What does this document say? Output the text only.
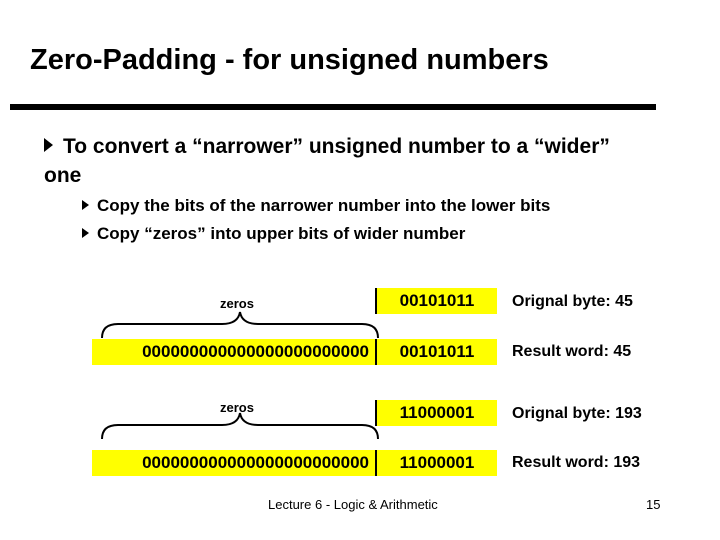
Zero-Padding - for unsigned numbers
To convert a “narrower” unsigned number to a “wider” one
Copy the bits of the narrower number into the lower bits
Copy “zeros” into upper bits of wider number
zeros	00101011	Orignal byte: 45
000000000000000000000000	00101011	Result word: 45
zeros	11000001	Orignal byte: 193
000000000000000000000000	11000001	Result word: 193
Lecture 6 - Logic & Arithmetic	15
